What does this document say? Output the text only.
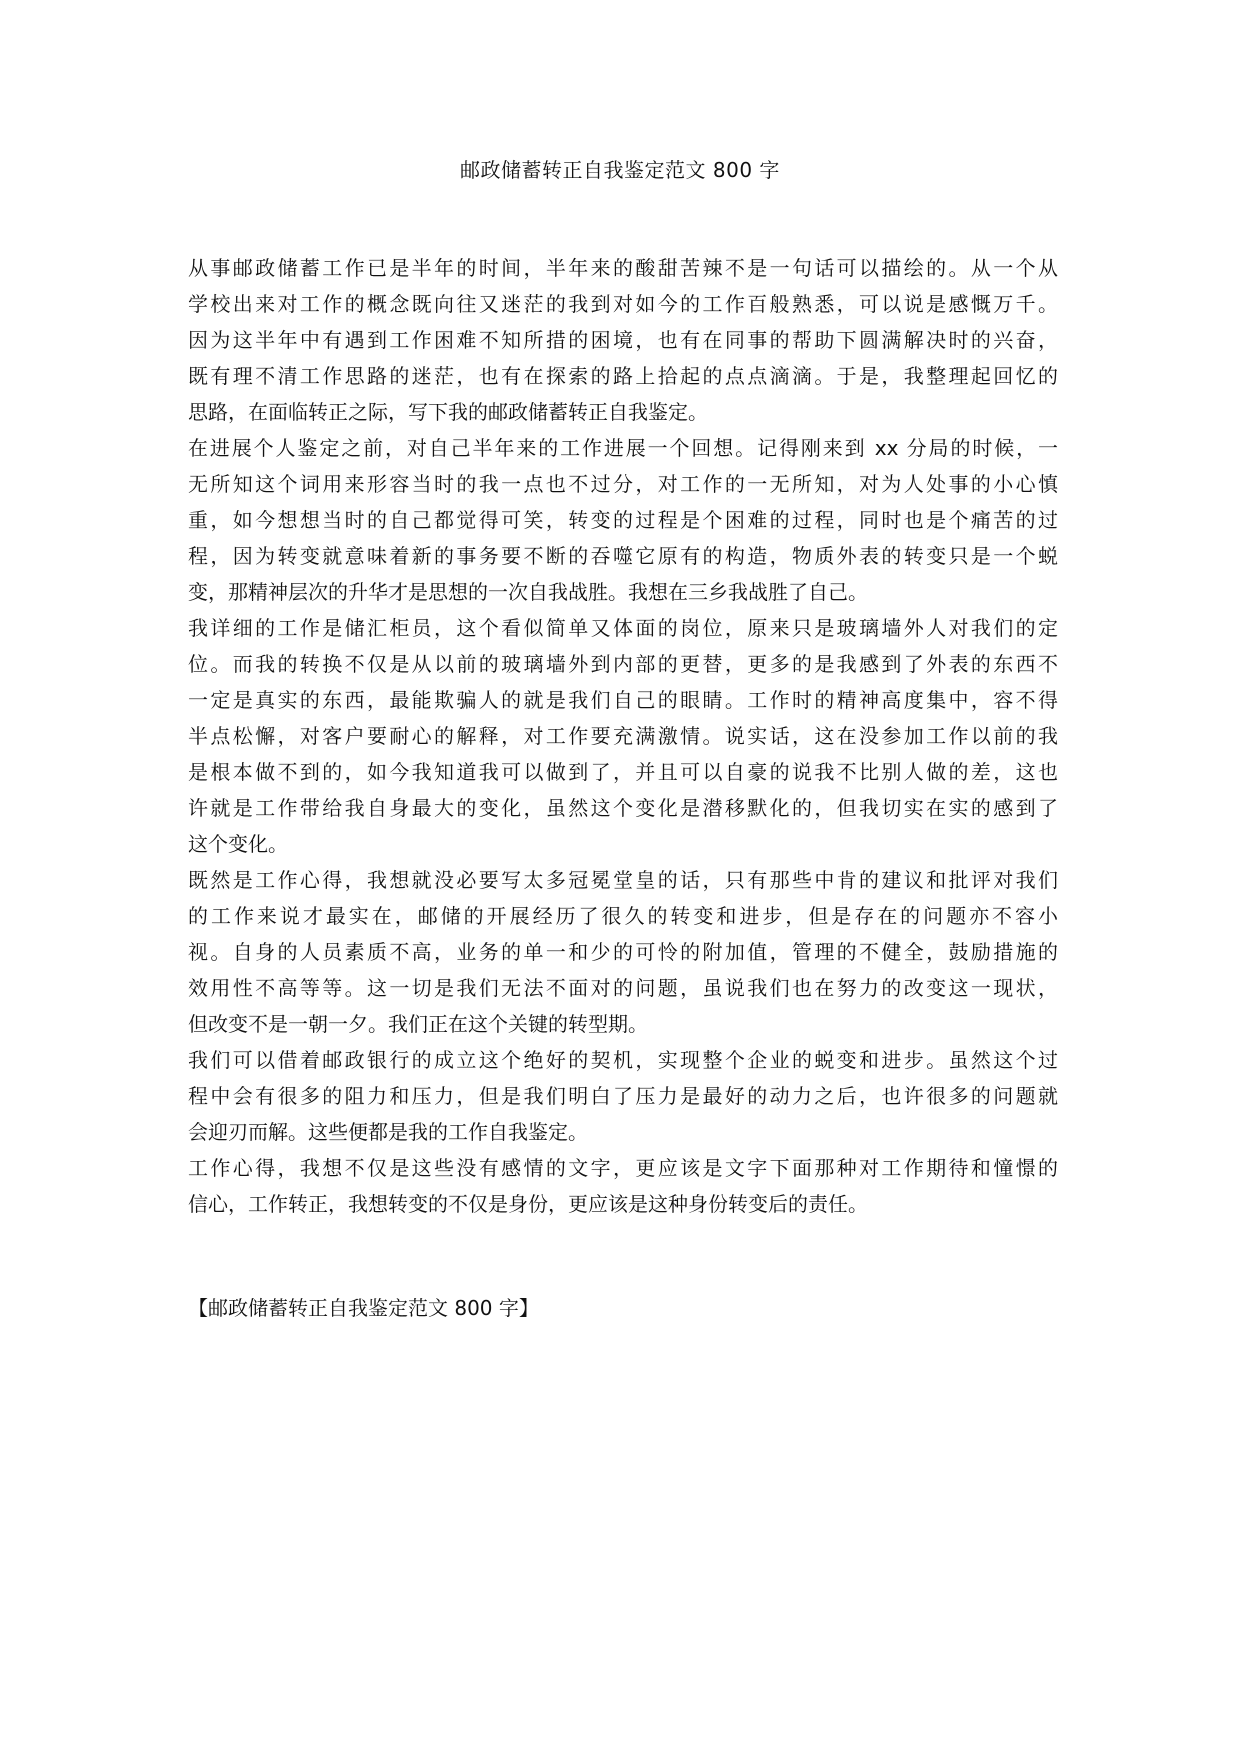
邮政储蓄转正自我鉴定范文 800 字
从事邮政储蓄工作已是半年的时间，半年来的酸甜苦辣不是一句话可以描绘的。从一个从
学校出来对工作的概念既向往又迷茫的我到对如今的工作百般熟悉，可以说是感慨万千。
因为这半年中有遇到工作困难不知所措的困境，也有在同事的帮助下圆满解决时的兴奋，
既有理不清工作思路的迷茫，也有在探索的路上拾起的点点滴滴。于是，我整理起回忆的
思路，在面临转正之际，写下我的邮政储蓄转正自我鉴定。
在进展个人鉴定之前，对自己半年来的工作进展一个回想。记得刚来到 xx 分局的时候，一
无所知这个词用来形容当时的我一点也不过分，对工作的一无所知，对为人处事的小心慎
重，如今想想当时的自己都觉得可笑，转变的过程是个困难的过程，同时也是个痛苦的过
程，因为转变就意味着新的事务要不断的吞噬它原有的构造，物质外表的转变只是一个蜕
变，那精神层次的升华才是思想的一次自我战胜。我想在三乡我战胜了自己。
我详细的工作是储汇柜员，这个看似简单又体面的岗位，原来只是玻璃墙外人对我们的定
位。而我的转换不仅是从以前的玻璃墙外到内部的更替，更多的是我感到了外表的东西不
一定是真实的东西，最能欺骗人的就是我们自己的眼睛。工作时的精神高度集中，容不得
半点松懈，对客户要耐心的解释，对工作要充满激情。说实话，这在没参加工作以前的我
是根本做不到的，如今我知道我可以做到了，并且可以自豪的说我不比别人做的差，这也
许就是工作带给我自身最大的变化，虽然这个变化是潜移默化的，但我切实在实的感到了
这个变化。
既然是工作心得，我想就没必要写太多冠冕堂皇的话，只有那些中肯的建议和批评对我们
的工作来说才最实在，邮储的开展经历了很久的转变和进步，但是存在的问题亦不容小
视。自身的人员素质不高，业务的单一和少的可怜的附加值，管理的不健全，鼓励措施的
效用性不高等等。这一切是我们无法不面对的问题，虽说我们也在努力的改变这一现状，
但改变不是一朝一夕。我们正在这个关键的转型期。
我们可以借着邮政银行的成立这个绝好的契机，实现整个企业的蜕变和进步。虽然这个过
程中会有很多的阻力和压力，但是我们明白了压力是最好的动力之后，也许很多的问题就
会迎刃而解。这些便都是我的工作自我鉴定。
工作心得，我想不仅是这些没有感情的文字，更应该是文字下面那种对工作期待和憧憬的
信心，工作转正，我想转变的不仅是身份，更应该是这种身份转变后的责任。
【邮政储蓄转正自我鉴定范文 800 字】
